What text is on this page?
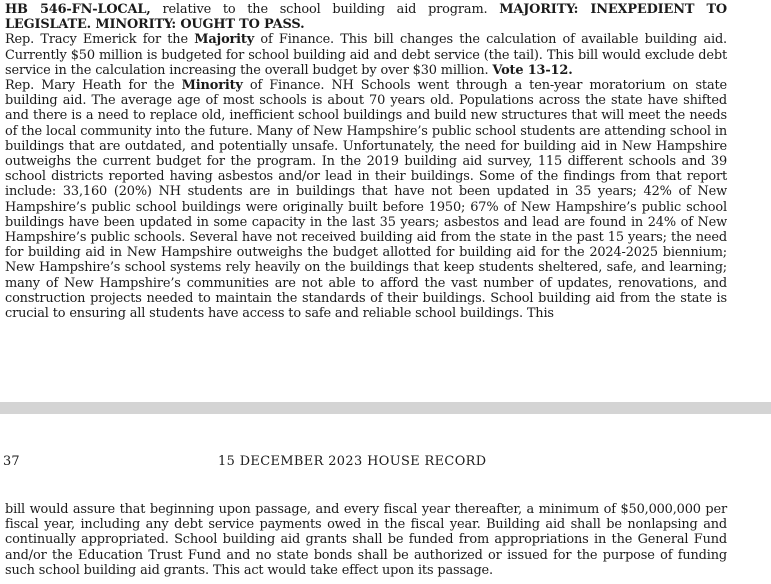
HB 546-FN-LOCAL, relative to the school building aid program. MAJORITY: INEXPEDIENT TO LEGISLATE. MINORITY: OUGHT TO PASS.

Rep. Tracy Emerick for the Majority of Finance. This bill changes the calculation of available building aid. Currently $50 million is budgeted for school building aid and debt service (the tail). This bill would exclude debt service in the calculation increasing the overall budget by over $30 million. Vote 13-12.

Rep. Mary Heath for the Minority of Finance. NH Schools went through a ten-year moratorium on state building aid. The average age of most schools is about 70 years old. Populations across the state have shifted and there is a need to replace old, inefficient school buildings and build new structures that will meet the needs of the local community into the future. Many of New Hampshire’s public school students are attending school in buildings that are outdated, and potentially unsafe. Unfortunately, the need for building aid in New Hampshire outweighs the current budget for the program. In the 2019 building aid survey, 115 different schools and 39 school districts reported having asbestos and/or lead in their buildings. Some of the findings from that report include: 33,160 (20%) NH students are in buildings that have not been updated in 35 years; 42% of New Hampshire’s public school buildings were originally built before 1950; 67% of New Hampshire’s public school buildings have been updated in some capacity in the last 35 years; asbestos and lead are found in 24% of New Hampshire’s public schools. Several have not received building aid from the state in the past 15 years; the need for building aid in New Hampshire outweighs the budget allotted for building aid for the 2024-2025 biennium; New Hampshire’s school systems rely heavily on the buildings that keep students sheltered, safe, and learning; many of New Hampshire’s communities are not able to afford the vast number of updates, renovations, and construction projects needed to maintain the standards of their buildings. School building aid from the state is crucial to ensuring all students have access to safe and reliable school buildings. This

37	15 DECEMBER 2023 HOUSE RECORD

bill would assure that beginning upon passage, and every fiscal year thereafter, a minimum of $50,000,000 per fiscal year, including any debt service payments owed in the fiscal year. Building aid shall be nonlapsing and continually appropriated. School building aid grants shall be funded from appropriations in the General Fund and/or the Education Trust Fund and no state bonds shall be authorized or issued for the purpose of funding such school building aid grants. This act would take effect upon its passage.
